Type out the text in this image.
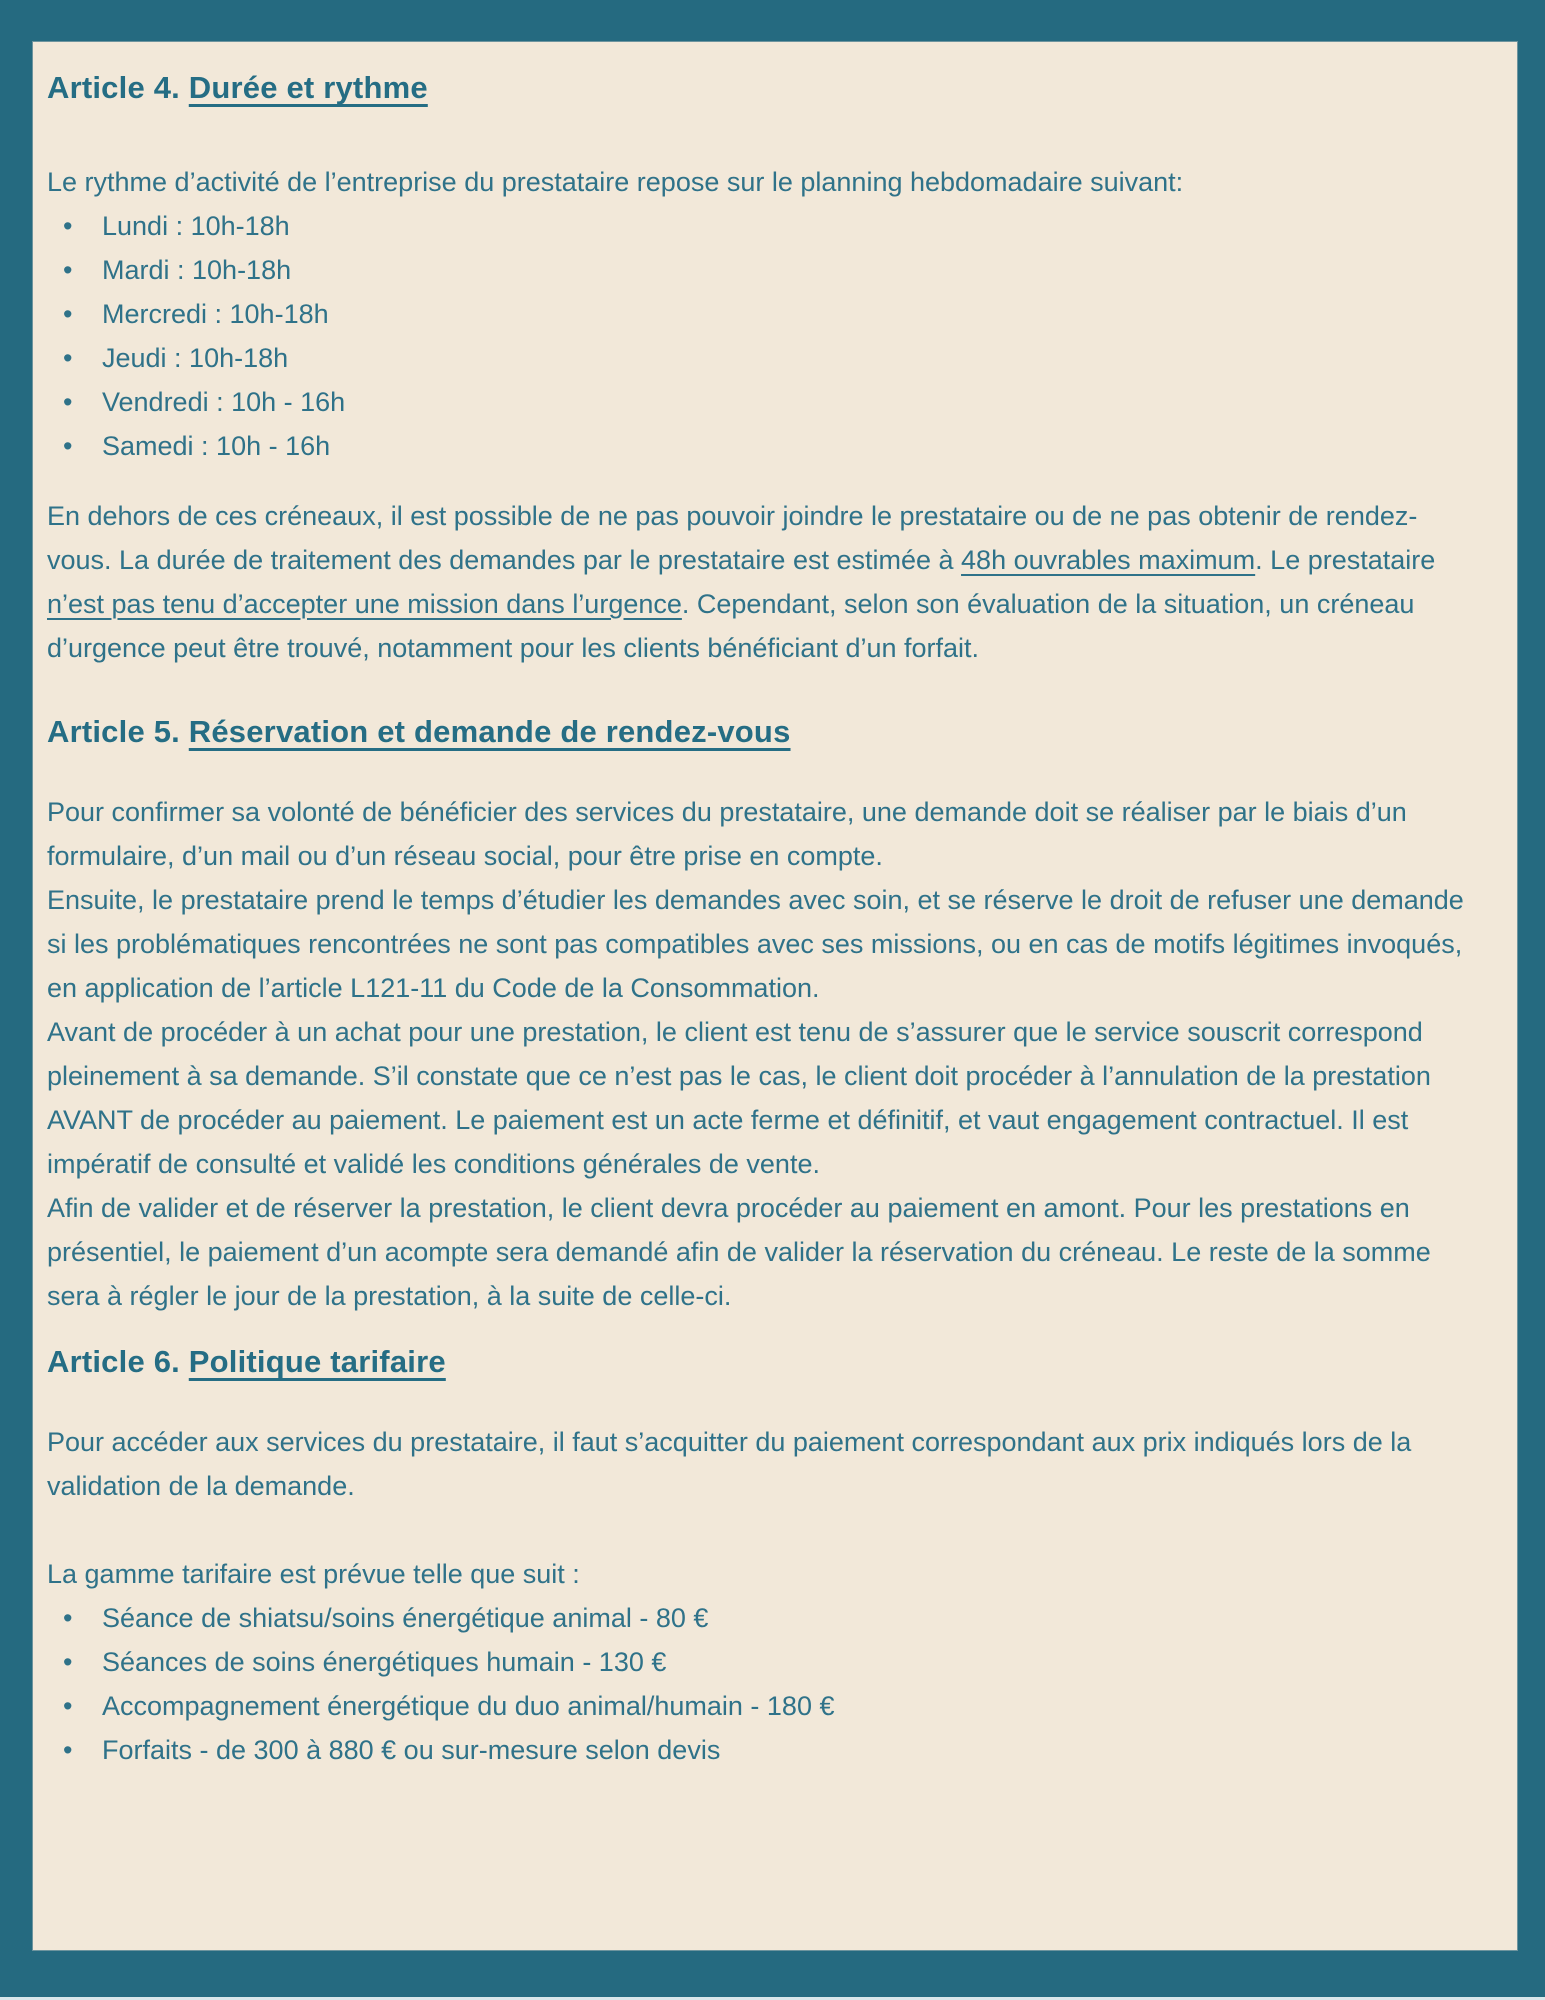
Article 4. Durée et rythme

Le rythme d’activité de l’entreprise du prestataire repose sur le planning hebdomadaire suivant:

• Lundi : 10h-18h
• Mardi : 10h-18h
• Mercredi : 10h-18h
• Jeudi : 10h-18h
• Vendredi : 10h - 16h
• Samedi : 10h - 16h

En dehors de ces créneaux, il est possible de ne pas pouvoir joindre le prestataire ou de ne pas obtenir de rendez-vous. La durée de traitement des demandes par le prestataire est estimée à 48h ouvrables maximum. Le prestataire n’est pas tenu d’accepter une mission dans l’urgence. Cependant, selon son évaluation de la situation, un créneau d’urgence peut être trouvé, notamment pour les clients bénéficiant d’un forfait.

Article 5. Réservation et demande de rendez-vous

Pour confirmer sa volonté de bénéficier des services du prestataire, une demande doit se réaliser par le biais d’un formulaire, d’un mail ou d’un réseau social, pour être prise en compte.

Ensuite, le prestataire prend le temps d’étudier les demandes avec soin, et se réserve le droit de refuser une demande si les problématiques rencontrées ne sont pas compatibles avec ses missions, ou en cas de motifs légitimes invoqués, en application de l’article L121-11 du Code de la Consommation.

Avant de procéder à un achat pour une prestation, le client est tenu de s’assurer que le service souscrit correspond pleinement à sa demande. S’il constate que ce n’est pas le cas, le client doit procéder à l’annulation de la prestation AVANT de procéder au paiement. Le paiement est un acte ferme et définitif, et vaut engagement contractuel. Il est impératif de consulté et validé les conditions générales de vente.

Afin de valider et de réserver la prestation, le client devra procéder au paiement en amont. Pour les prestations en présentiel, le paiement d’un acompte sera demandé afin de valider la réservation du créneau. Le reste de la somme sera à régler le jour de la prestation, à la suite de celle-ci.

Article 6. Politique tarifaire

Pour accéder aux services du prestataire, il faut s’acquitter du paiement correspondant aux prix indiqués lors de la validation de la demande.

La gamme tarifaire est prévue telle que suit :

• Séance de shiatsu/soins énergétique animal - 80 €
• Séances de soins énergétiques humain - 130 €
• Accompagnement énergétique du duo animal/humain - 180 €
• Forfaits - de 300 à 880 € ou sur-mesure selon devis
